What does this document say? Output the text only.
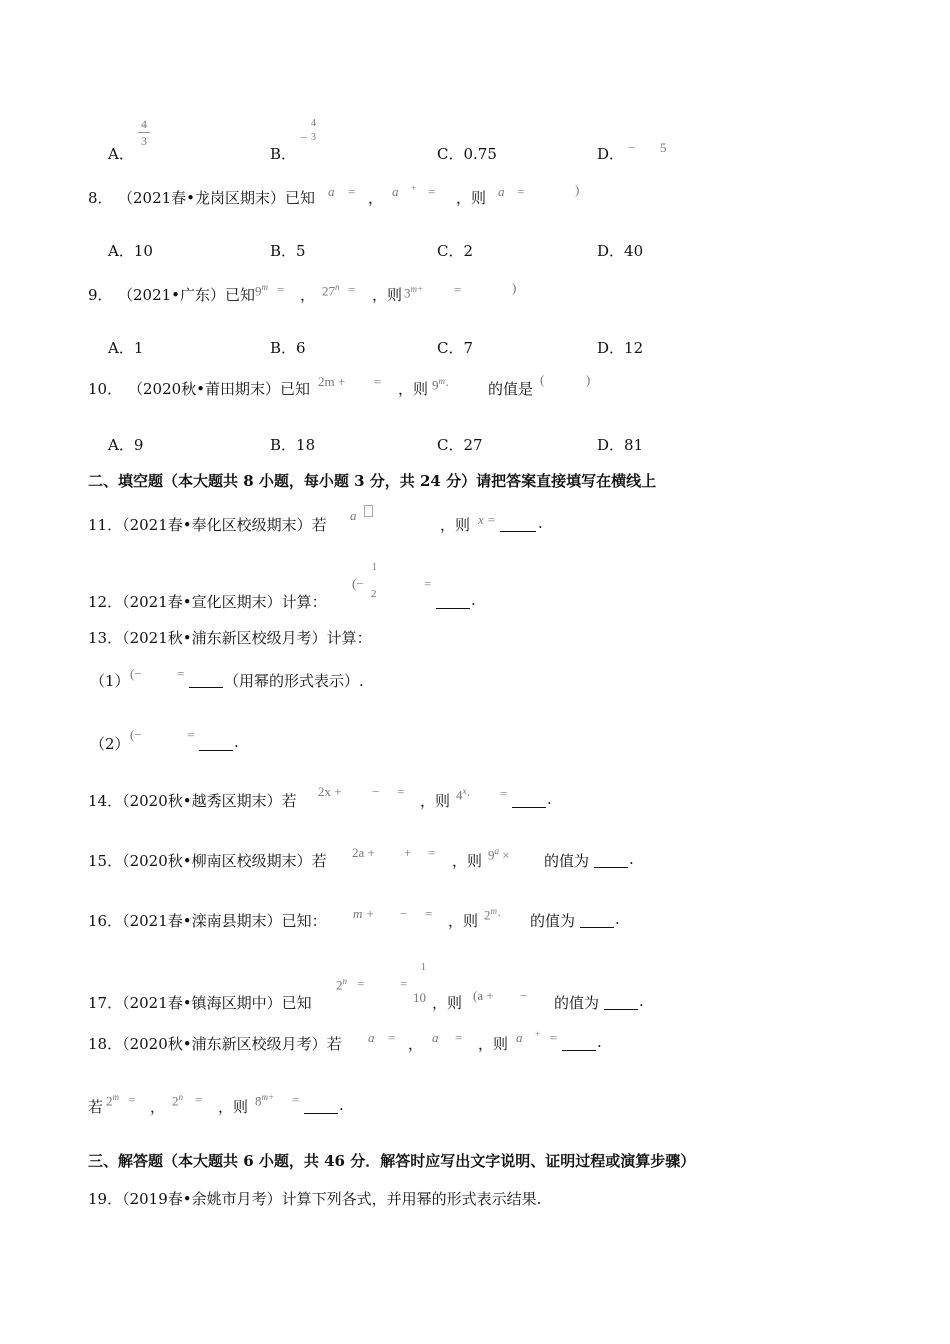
A．
4
3
B．
−
4
3
C．0.75	D． − 5
8． （2021春•龙岗区期末）已知 a = ， a + = ，则 a =	)
A．10	B．5	C．2	D．40
9． （2021•广东）已知 $9^m$ = ， $27^n$ = ，则 $3^{m+}$ =	)
A．1	B．6	C．7	D．12
10． （2020秋•莆田期末）已知 2m + = ，则 $9^m\cdot$	的值是
(	)
A．9	B．18	C．27	D．81
二、填空题（本大题共 8 小题，每小题 3 分，共 24 分）请把答案直接填写在横线上
11．（2021春•奉化区校级期末）若
a
，则 x =	.
12．（2021春•宣化区期末）计算：
(−
1
2
=
.
13．（2021秋•浦东新区校级月考）计算：
（1） (−	=	（用幂的形式表示）.
（2）
(−	=	.
14．（2020秋•越秀区期末）若
2x + − =
，则 $4^x\cdot$ =	.
15．（2020秋•柳南区校级期末）若 2a + + = ，则 $9^a$ × 的值为	.
16．（2021春•滦南县期末）已知： m + − = ，则 $2^m\cdot$ 的值为	.
17．（2021春•镇海区期中）已知
$2^n$ =	=
1
10 ，则 (a + − 的值为	.
18．（2020秋•浦东新区校级月考）若 a = ， a = ，则 a + =	.
若 $2^m$ = ， $2^n$ = ，则 $8^{m+}$ =	.
三、解答题（本大题共 6 小题，共 46 分．解答时应写出文字说明、证明过程或演算步骤）
19．（2019春•余姚市月考）计算下列各式，并用幂的形式表示结果.
